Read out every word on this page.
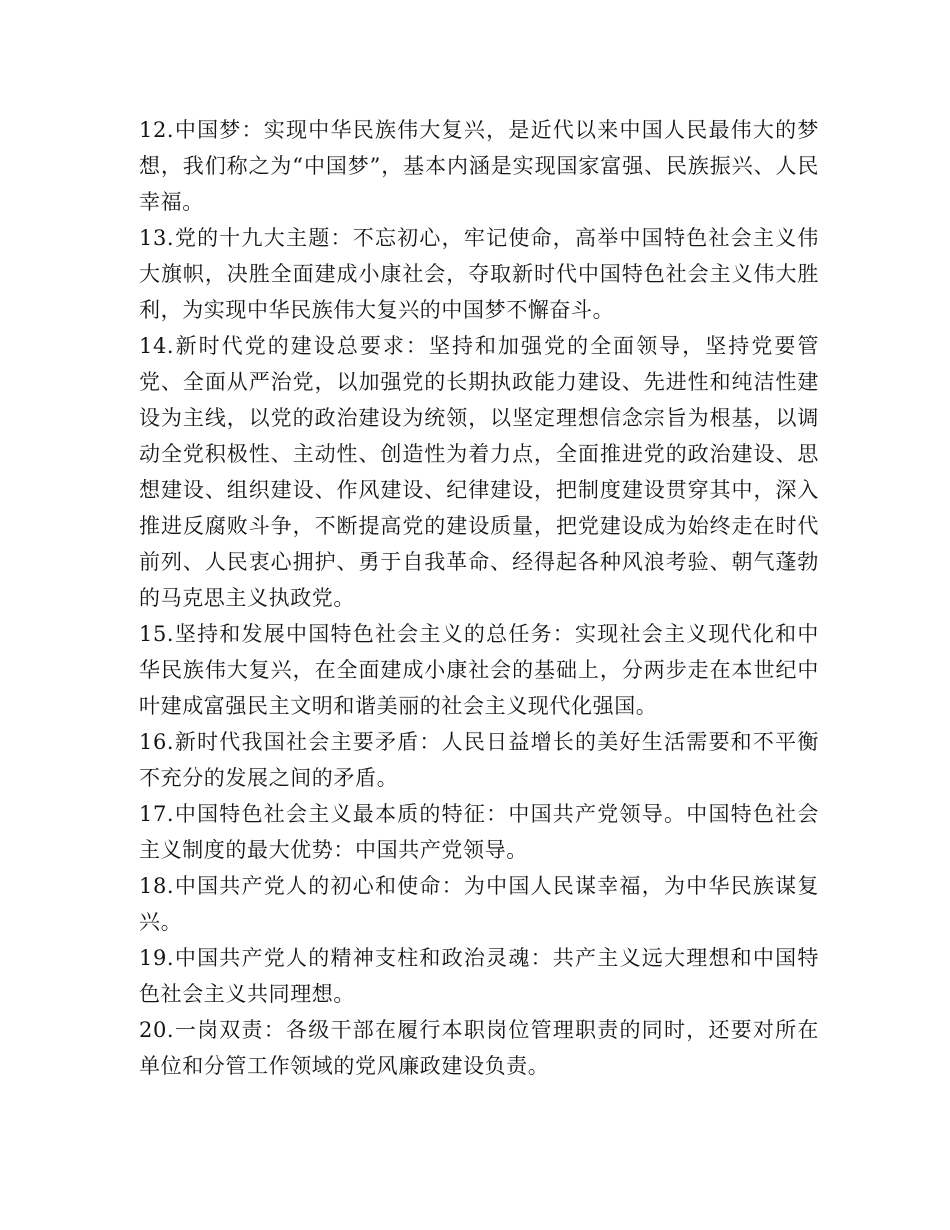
12.中国梦：实现中华民族伟大复兴，是近代以来中国人民最伟大的梦想，我们称之为“中国梦”，基本内涵是实现国家富强、民族振兴、人民幸福。

13.党的十九大主题：不忘初心，牢记使命，高举中国特色社会主义伟大旗帜，决胜全面建成小康社会，夺取新时代中国特色社会主义伟大胜利，为实现中华民族伟大复兴的中国梦不懈奋斗。

14.新时代党的建设总要求：坚持和加强党的全面领导，坚持党要管党、全面从严治党，以加强党的长期执政能力建设、先进性和纯洁性建设为主线，以党的政治建设为统领，以坚定理想信念宗旨为根基，以调动全党积极性、主动性、创造性为着力点，全面推进党的政治建设、思想建设、组织建设、作风建设、纪律建设，把制度建设贯穿其中，深入推进反腐败斗争，不断提高党的建设质量，把党建设成为始终走在时代前列、人民衷心拥护、勇于自我革命、经得起各种风浪考验、朝气蓬勃的马克思主义执政党。

15.坚持和发展中国特色社会主义的总任务：实现社会主义现代化和中华民族伟大复兴，在全面建成小康社会的基础上，分两步走在本世纪中叶建成富强民主文明和谐美丽的社会主义现代化强国。

16.新时代我国社会主要矛盾：人民日益增长的美好生活需要和不平衡不充分的发展之间的矛盾。

17.中国特色社会主义最本质的特征：中国共产党领导。中国特色社会主义制度的最大优势：中国共产党领导。

18.中国共产党人的初心和使命：为中国人民谋幸福，为中华民族谋复兴。

19.中国共产党人的精神支柱和政治灵魂：共产主义远大理想和中国特色社会主义共同理想。

20.一岗双责：各级干部在履行本职岗位管理职责的同时，还要对所在单位和分管工作领域的党风廉政建设负责。
